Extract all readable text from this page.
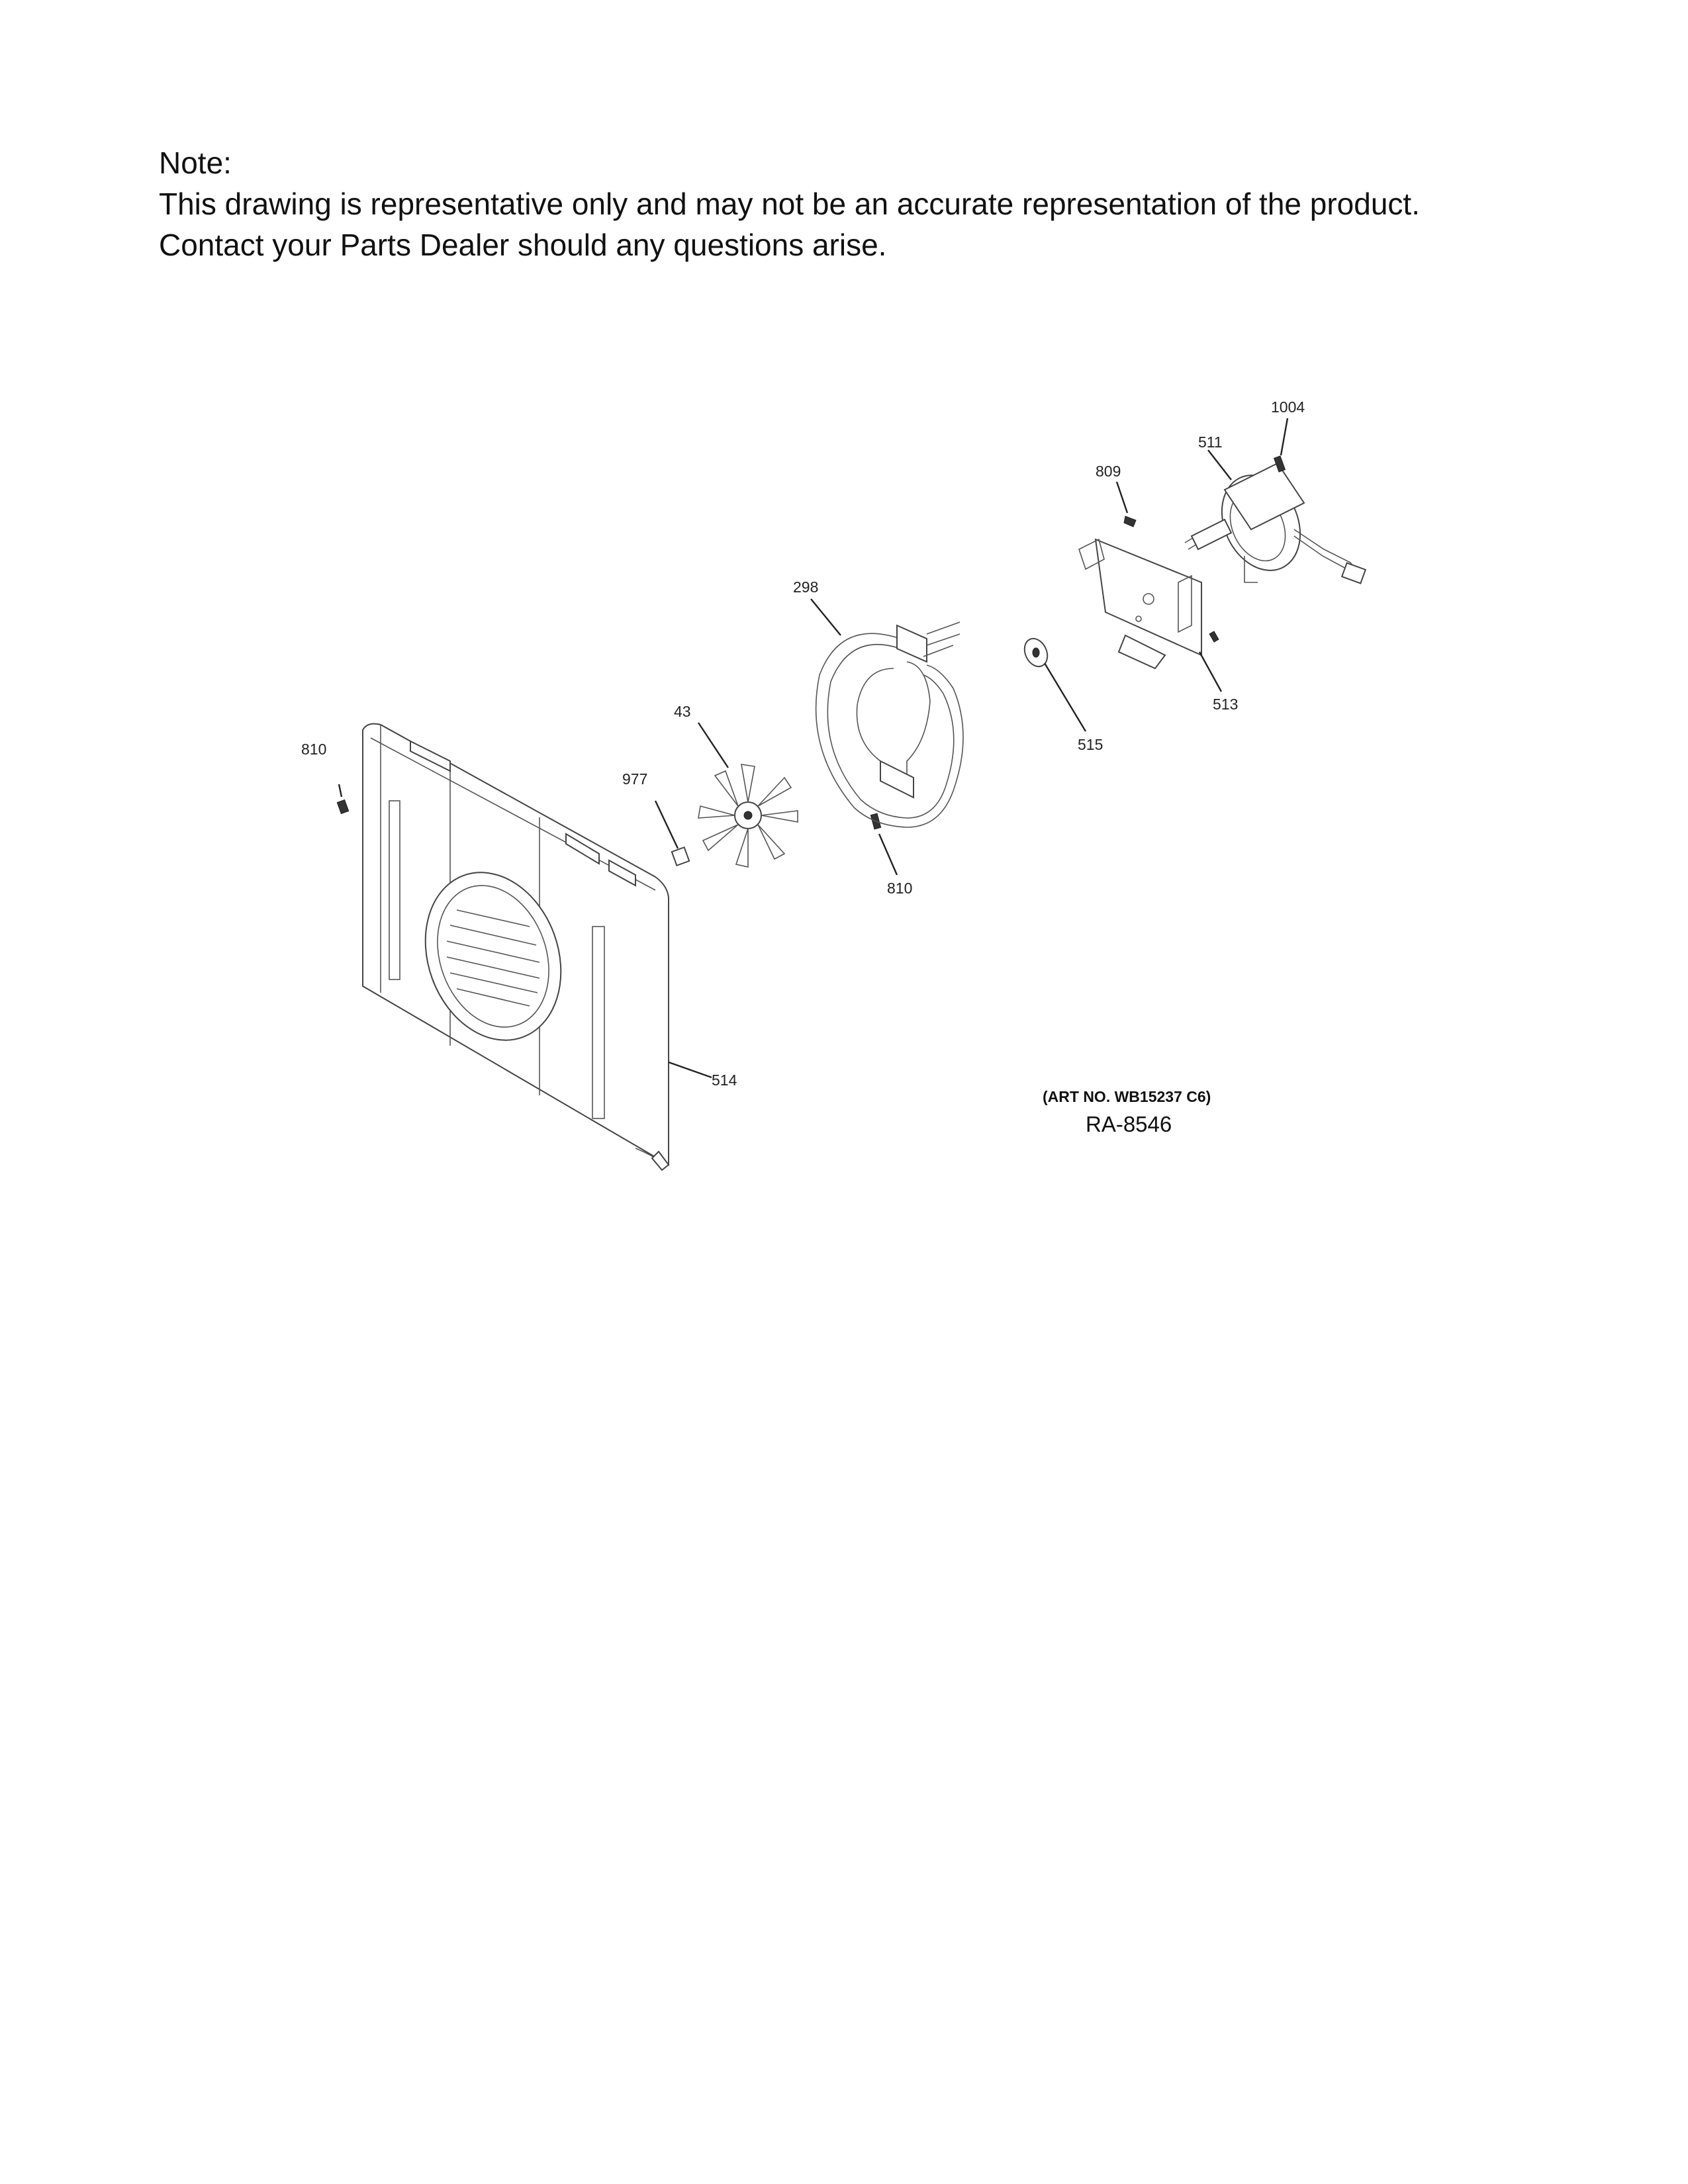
Note:

This drawing is representative only and may not be an accurate representation of the product.

Contact your Parts Dealer should any questions arise.

1004
511
809
298
513
515
43
977
810
810
514
(ART NO. WB15237 C6)
RA-8546
